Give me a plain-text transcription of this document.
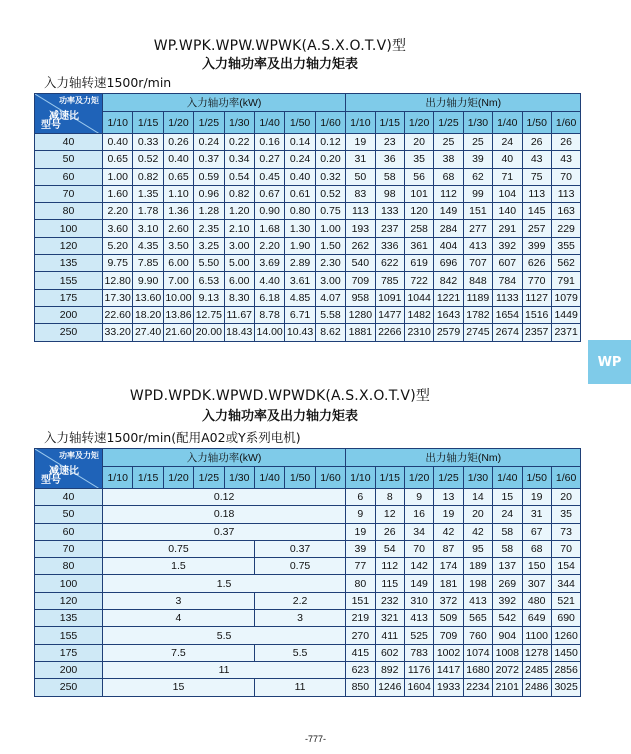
WP.WPK.WPW.WPWK(A.S.X.O.T.V)型
入力轴功率及出力轴力矩表
入力轴转速1500r/min
功率及力矩
减速比
型号	入力轴功率(kW)								出力轴力矩(Nm)							
	1/10	1/15	1/20	1/25	1/30	1/40	1/50	1/60	1/10	1/15	1/20	1/25	1/30	1/40	1/50	1/60
40	0.40	0.33	0.26	0.24	0.22	0.16	0.14	0.12	19	23	20	25	25	24	26	26
50	0.65	0.52	0.40	0.37	0.34	0.27	0.24	0.20	31	36	35	38	39	40	43	43
60	1.00	0.82	0.65	0.59	0.54	0.45	0.40	0.32	50	58	56	68	62	71	75	70
70	1.60	1.35	1.10	0.96	0.82	0.67	0.61	0.52	83	98	101	112	99	104	113	113
80	2.20	1.78	1.36	1.28	1.20	0.90	0.80	0.75	113	133	120	149	151	140	145	163
100	3.60	3.10	2.60	2.35	2.10	1.68	1.30	1.00	193	237	258	284	277	291	257	229
120	5.20	4.35	3.50	3.25	3.00	2.20	1.90	1.50	262	336	361	404	413	392	399	355
135	9.75	7.85	6.00	5.50	5.00	3.69	2.89	2.30	540	622	619	696	707	607	626	562
155	12.80	9.90	7.00	6.53	6.00	4.40	3.61	3.00	709	785	722	842	848	784	770	791
175	17.30	13.60	10.00	9.13	8.30	6.18	4.85	4.07	958	1091	1044	1221	1189	1133	1127	1079
200	22.60	18.20	13.86	12.75	11.67	8.78	6.71	5.58	1280	1477	1482	1643	1782	1654	1516	1449
250	33.20	27.40	21.60	20.00	18.43	14.00	10.43	8.62	1881	2266	2310	2579	2745	2674	2357	2371
WPD.WPDK.WPWD.WPWDK(A.S.X.O.T.V)型
入力轴功率及出力轴力矩表
入力轴转速1500r/min(配用A02或Y系列电机)
功率及力矩
减速比
型号	入力轴功率(kW)								出力轴力矩(Nm)							
	1/10	1/15	1/20	1/25	1/30	1/40	1/50	1/60	1/10	1/15	1/20	1/25	1/30	1/40	1/50	1/60
40	0.12								6	8	9	13	14	15	19	20
50	0.18								9	12	16	19	20	24	31	35
60	0.37								19	26	34	42	42	58	67	73
70	0.75					0.37			39	54	70	87	95	58	68	70
80	1.5					0.75			77	112	142	174	189	137	150	154
100	1.5								80	115	149	181	198	269	307	344
120	3					2.2			151	232	310	372	413	392	480	521
135	4					3			219	321	413	509	565	542	649	690
155	5.5								270	411	525	709	760	904	1100	1260
175	7.5					5.5			415	602	783	1002	1074	1008	1278	1450
200	11								623	892	1176	1417	1680	2072	2485	2856
250	15					11			850	1246	1604	1933	2234	2101	2486	3025
WP
-777-
